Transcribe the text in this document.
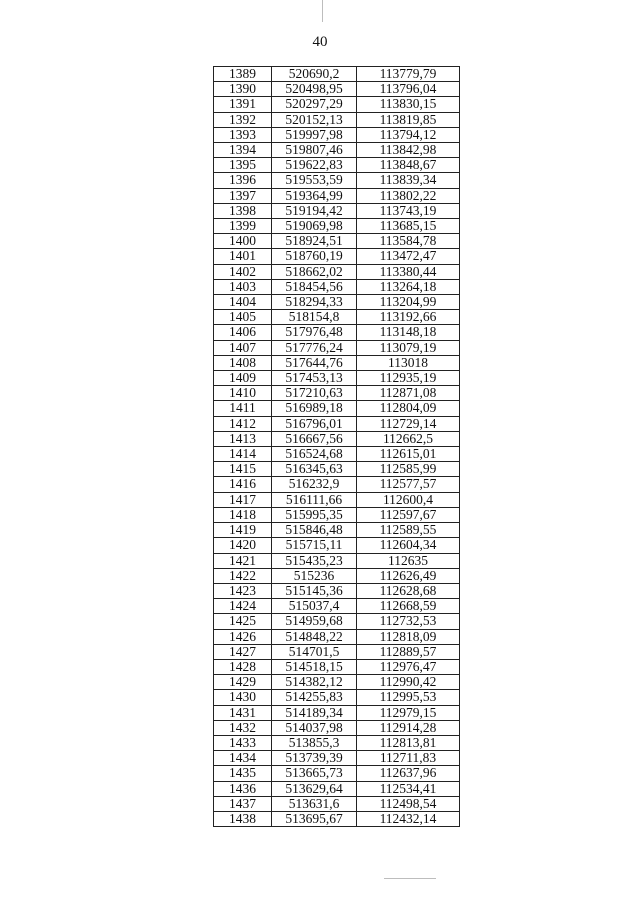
40
1389	520690,2	113779,79
1390	520498,95	113796,04
1391	520297,29	113830,15
1392	520152,13	113819,85
1393	519997,98	113794,12
1394	519807,46	113842,98
1395	519622,83	113848,67
1396	519553,59	113839,34
1397	519364,99	113802,22
1398	519194,42	113743,19
1399	519069,98	113685,15
1400	518924,51	113584,78
1401	518760,19	113472,47
1402	518662,02	113380,44
1403	518454,56	113264,18
1404	518294,33	113204,99
1405	518154,8	113192,66
1406	517976,48	113148,18
1407	517776,24	113079,19
1408	517644,76	113018
1409	517453,13	112935,19
1410	517210,63	112871,08
1411	516989,18	112804,09
1412	516796,01	112729,14
1413	516667,56	112662,5
1414	516524,68	112615,01
1415	516345,63	112585,99
1416	516232,9	112577,57
1417	516111,66	112600,4
1418	515995,35	112597,67
1419	515846,48	112589,55
1420	515715,11	112604,34
1421	515435,23	112635
1422	515236	112626,49
1423	515145,36	112628,68
1424	515037,4	112668,59
1425	514959,68	112732,53
1426	514848,22	112818,09
1427	514701,5	112889,57
1428	514518,15	112976,47
1429	514382,12	112990,42
1430	514255,83	112995,53
1431	514189,34	112979,15
1432	514037,98	112914,28
1433	513855,3	112813,81
1434	513739,39	112711,83
1435	513665,73	112637,96
1436	513629,64	112534,41
1437	513631,6	112498,54
1438	513695,67	112432,14
